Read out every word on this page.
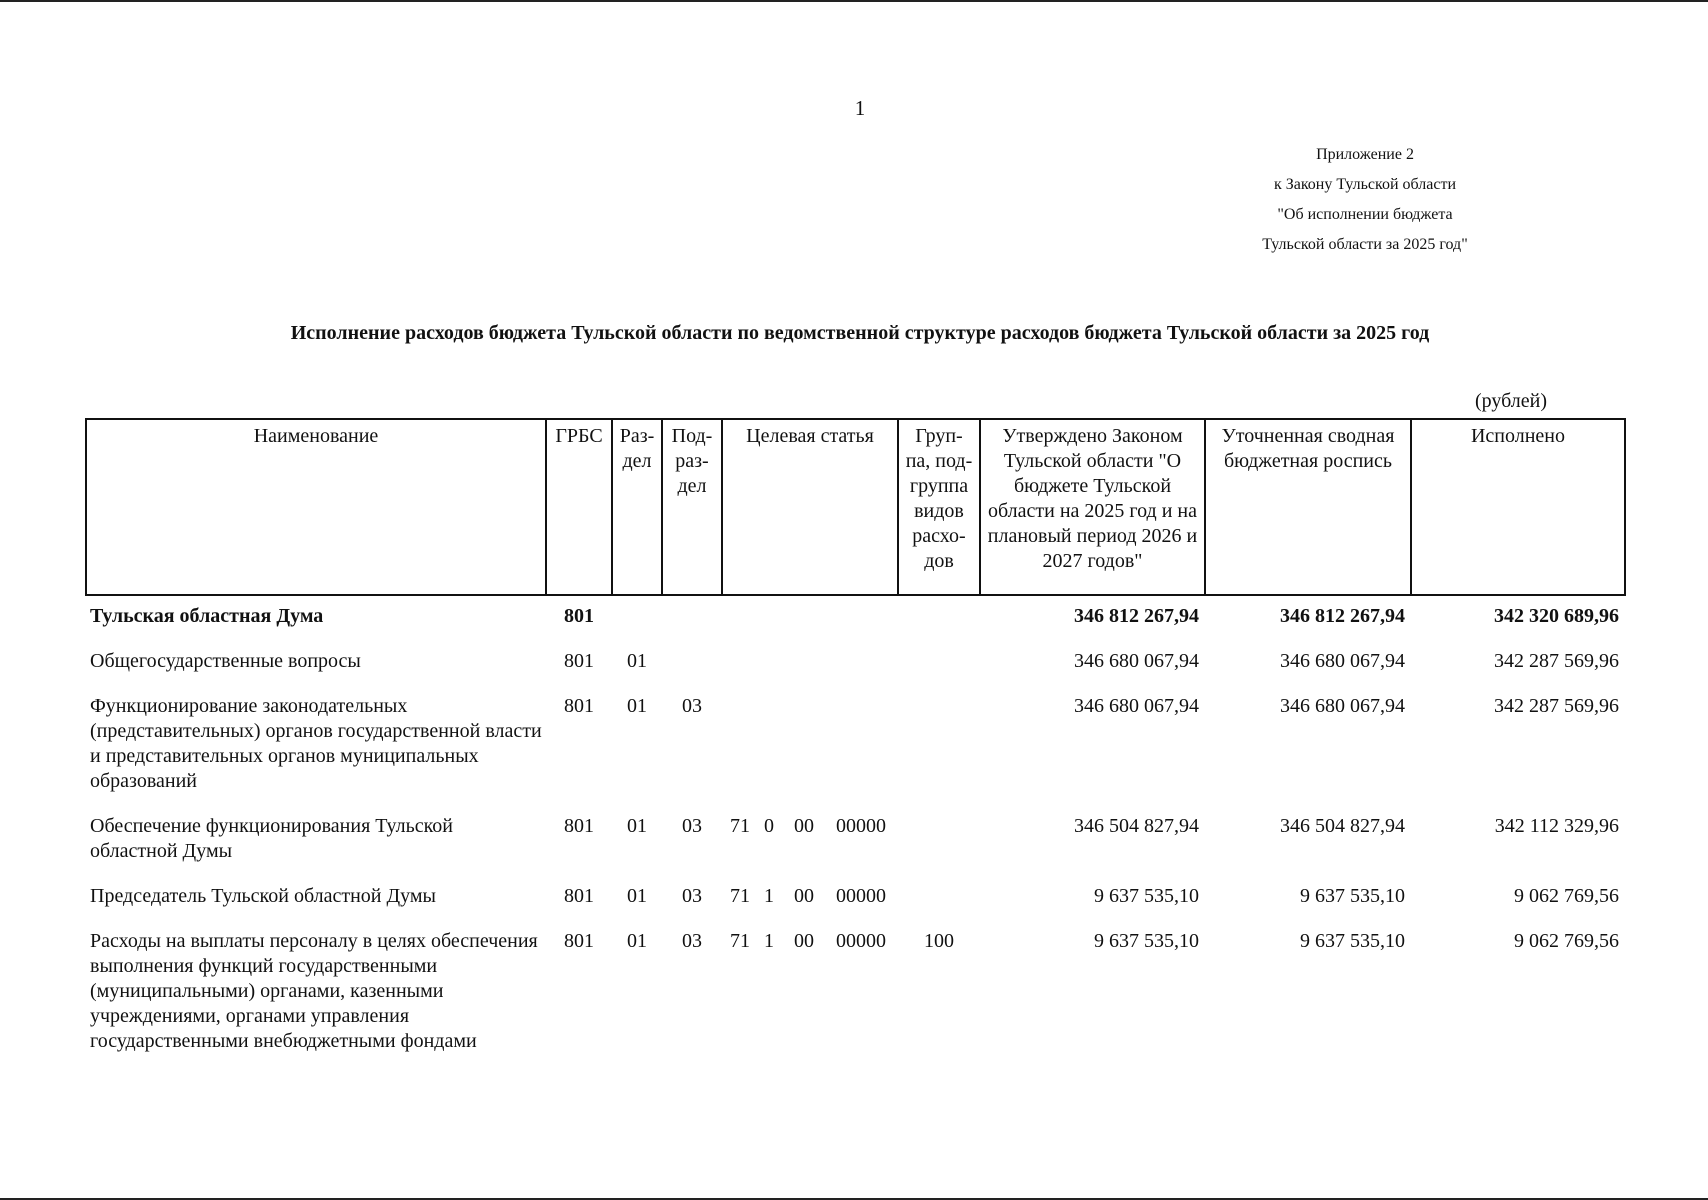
1
Приложение 2
к Закону Тульской области
"Об исполнении бюджета
Тульской области за 2025 год"
Исполнение расходов бюджета Тульской области по ведомственной структуре расходов бюджета Тульской области за 2025 год
(рублей)
Наименование	ГРБС	Раз- дел	Под- раз- дел	Целевая статья	Груп- па, под- группа видов расхо- дов	Утверждено Законом Тульской области "О бюджете Тульской области на 2025 год и на плановый период 2026 и 2027 годов"	Уточненная сводная бюджетная роспись	Исполнено
Тульская областная Дума	801					346 812 267,94	346 812 267,94	342 320 689,96
Общегосударственные вопросы	801	01				346 680 067,94	346 680 067,94	342 287 569,96
Функционирование законодательных (представительных) органов государственной власти и представительных органов муниципальных образований	801	01	03			346 680 067,94	346 680 067,94	342 287 569,96
Обеспечение функционирования Тульской областной Думы	801	01	03	71 0 00 00000		346 504 827,94	346 504 827,94	342 112 329,96
Председатель Тульской областной Думы	801	01	03	71 1 00 00000		9 637 535,10	9 637 535,10	9 062 769,56
Расходы на выплаты персоналу в целях обеспечения выполнения функций государственными (муниципальными) органами, казенными учреждениями, органами управления государственными внебюджетными фондами	801	01	03	71 1 00 00000	100	9 637 535,10	9 637 535,10	9 062 769,56
